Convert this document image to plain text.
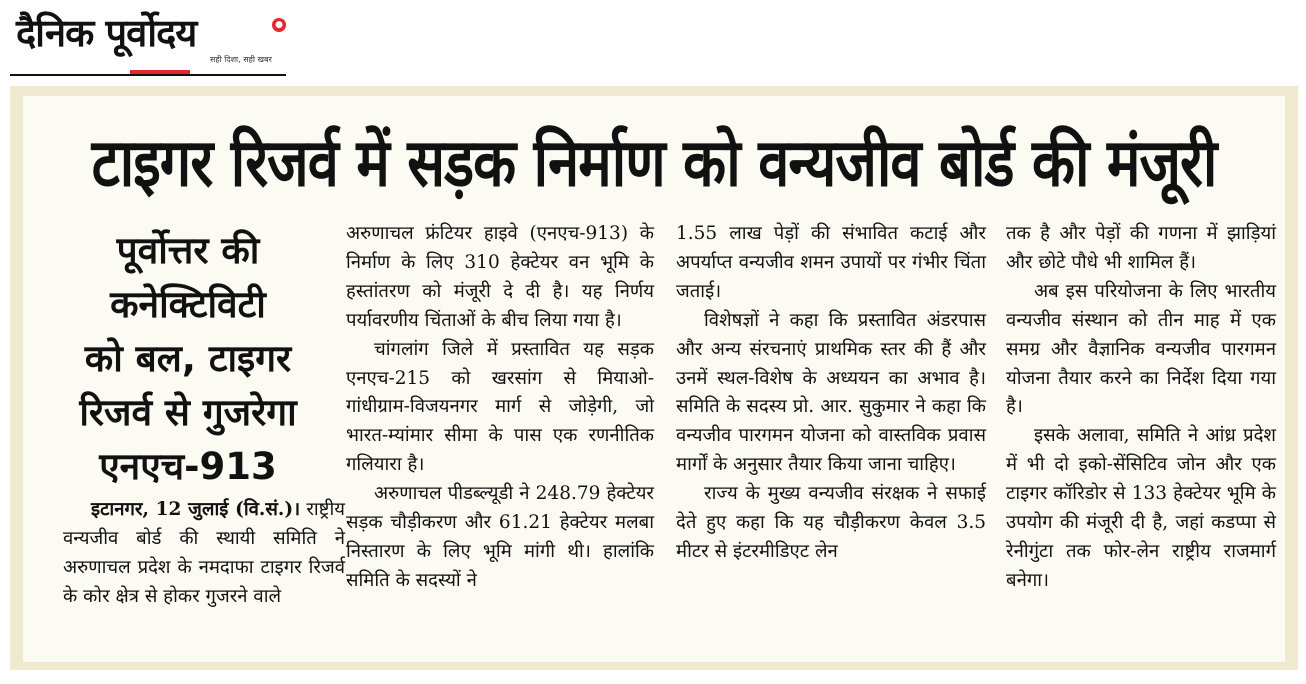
दैनिक पूर्वोदय	●
सही दिशा, सही खबर
टाइगर रिजर्व में सड़क निर्माण को वन्यजीव बोर्ड की मंजूरी
पूर्वोत्तर की
कनेक्टिविटी
को बल, टाइगर
रिजर्व से गुजरेगा
एनएच-913

इटानगर, 12 जुलाई (वि.सं.)। राष्ट्रीय वन्यजीव बोर्ड की स्थायी समिति ने अरुणाचल प्रदेश के नमदाफा टाइगर रिजर्व के कोर क्षेत्र से होकर गुजरने वाले

अरुणाचल फ्रंटियर हाइवे (एनएच-913) के निर्माण के लिए 310 हेक्टेयर वन भूमि के हस्तांतरण को मंजूरी दे दी है। यह निर्णय पर्यावरणीय चिंताओं के बीच लिया गया है।

चांगलांग जिले में प्रस्तावित यह सड़क एनएच-215 को खरसांग से मियाओ-गांधीग्राम-विजयनगर मार्ग से जोड़ेगी, जो भारत-म्यांमार सीमा के पास एक रणनीतिक गलियारा है।

अरुणाचल पीडब्ल्यूडी ने 248.79 हेक्टेयर सड़क चौड़ीकरण और 61.21 हेक्टेयर मलबा निस्तारण के लिए भूमि मांगी थी। हालांकि समिति के सदस्यों ने

1.55 लाख पेड़ों की संभावित कटाई और अपर्याप्त वन्यजीव शमन उपायों पर गंभीर चिंता जताई।

विशेषज्ञों ने कहा कि प्रस्तावित अंडरपास और अन्य संरचनाएं प्राथमिक स्तर की हैं और उनमें स्थल-विशेष के अध्ययन का अभाव है। समिति के सदस्य प्रो. आर. सुकुमार ने कहा कि वन्यजीव पारगमन योजना को वास्तविक प्रवास मार्गों के अनुसार तैयार किया जाना चाहिए।

राज्य के मुख्य वन्यजीव संरक्षक ने सफाई देते हुए कहा कि यह चौड़ीकरण केवल 3.5 मीटर से इंटरमीडिएट लेन

तक है और पेड़ों की गणना में झाड़ियां और छोटे पौधे भी शामिल हैं।

अब इस परियोजना के लिए भारतीय वन्यजीव संस्थान को तीन माह में एक समग्र और वैज्ञानिक वन्यजीव पारगमन योजना तैयार करने का निर्देश दिया गया है।

इसके अलावा, समिति ने आंध्र प्रदेश में भी दो इको-सेंसिटिव जोन और एक टाइगर कॉरिडोर से 133 हेक्टेयर भूमि के उपयोग की मंजूरी दी है, जहां कडप्पा से रेनीगुंटा तक फोर-लेन राष्ट्रीय राजमार्ग बनेगा।
